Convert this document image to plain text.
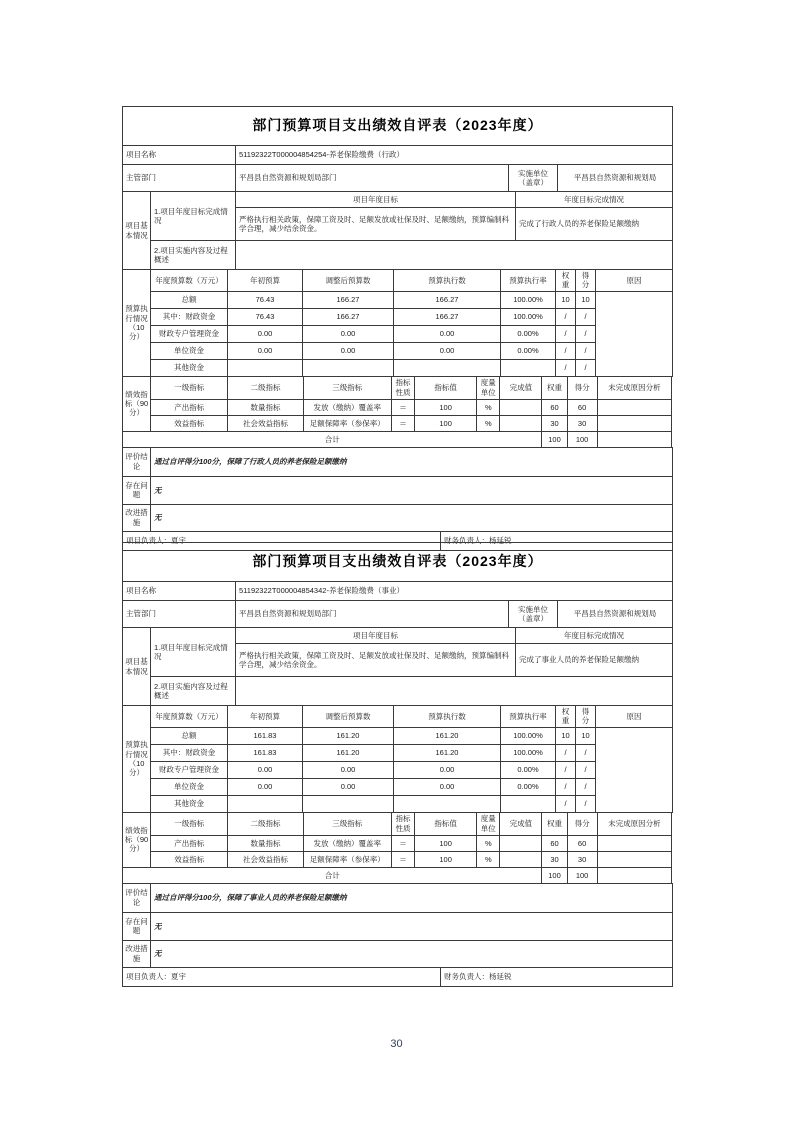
部门预算项目支出绩效自评表（2023年度）
项目名称	51192322T000004854254-养老保险缴费（行政）		
主管部门	平昌县自然资源和规划局部门	实施单位（盖章）	平昌县自然资源和规划局
项目基本情况	1.项目年度目标完成情况	项目年度目标	年度目标完成情况
		严格执行相关政策，保障工资及时、足额发放或社保及时、足额缴纳，预算编制科学合理，减少结余资金。	完成了行政人员的养老保险足额缴纳
	2.项目实施内容及过程概述		
预算执行情况（10分）	年度预算数（万元）	年初预算	调整后预算数	预算执行数	预算执行率	权重	得分	原因
	总额	76.43	166.27	166.27	100.00%	10	10	
	其中：财政资金	76.43	166.27	166.27	100.00%	/	/	
	财政专户管理资金	0.00	0.00	0.00	0.00%	/	/	
	单位资金	0.00	0.00	0.00	0.00%	/	/	
	其他资金					/	/	
绩效指标（90分）	一级指标	二级指标	三级指标	指标性质	指标值	度量单位	完成值	权重	得分	未完成原因分析
	产出指标	数量指标	发放（缴纳）覆盖率	＝	100	%		60	60	
	效益指标	社会效益指标	足额保障率（参保率）	＝	100	%		30	30	
合计								100	100	
评价结论	通过自评得分100分，保障了行政人员的养老保险足额缴纳
存在问题	无
改进措施	无
项目负责人：夏宇	财务负责人：杨延锐
部门预算项目支出绩效自评表（2023年度）
项目名称	51192322T000004854342-养老保险缴费（事业）		
主管部门	平昌县自然资源和规划局部门	实施单位（盖章）	平昌县自然资源和规划局
项目基本情况	1.项目年度目标完成情况	项目年度目标	年度目标完成情况
		严格执行相关政策，保障工资及时、足额发放或社保及时、足额缴纳，预算编制科学合理，减少结余资金。	完成了事业人员的养老保险足额缴纳
	2.项目实施内容及过程概述		
预算执行情况（10分）	年度预算数（万元）	年初预算	调整后预算数	预算执行数	预算执行率	权重	得分	原因
	总额	161.83	161.20	161.20	100.00%	10	10	
	其中：财政资金	161.83	161.20	161.20	100.00%	/	/	
	财政专户管理资金	0.00	0.00	0.00	0.00%	/	/	
	单位资金	0.00	0.00	0.00	0.00%	/	/	
	其他资金					/	/	
绩效指标（90分）	一级指标	二级指标	三级指标	指标性质	指标值	度量单位	完成值	权重	得分	未完成原因分析
	产出指标	数量指标	发放（缴纳）覆盖率	＝	100	%		60	60	
	效益指标	社会效益指标	足额保障率（参保率）	＝	100	%		30	30	
合计								100	100	
评价结论	通过自评得分100分，保障了事业人员的养老保险足额缴纳
存在问题	无
改进措施	无
项目负责人：夏宇	财务负责人：杨延锐
30
